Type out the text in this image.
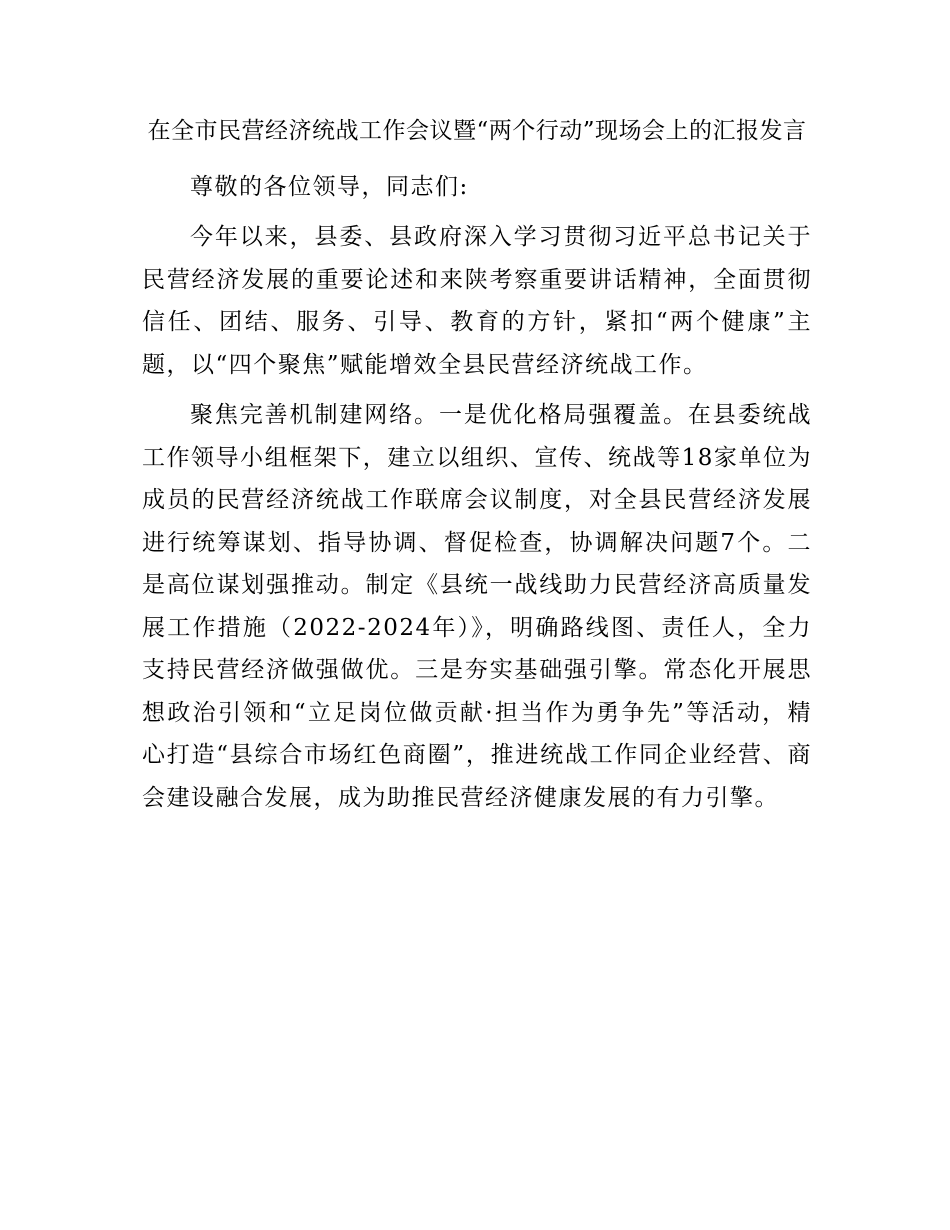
在全市民营经济统战工作会议暨“两个行动”现场会上的汇报发言

尊敬的各位领导，同志们:

今年以来，县委、县政府深入学习贯彻习近平总书记关于民营经济发展的重要论述和来陕考察重要讲话精神，全面贯彻信任、团结、服务、引导、教育的方针，紧扣“两个健康”主题，以“四个聚焦”赋能增效全县民营经济统战工作。

聚焦完善机制建网络。一是优化格局强覆盖。在县委统战工作领导小组框架下，建立以组织、宣传、统战等18家单位为成员的民营经济统战工作联席会议制度，对全县民营经济发展进行统筹谋划、指导协调、督促检查，协调解决问题7个。二是高位谋划强推动。制定《县统一战线助力民营经济高质量发展工作措施（2022-2024年）》，明确路线图、责任人，全力支持民营经济做强做优。三是夯实基础强引擎。常态化开展思想政治引领和“立足岗位做贡献·担当作为勇争先”等活动，精心打造“县综合市场红色商圈”，推进统战工作同企业经营、商会建设融合发展，成为助推民营经济健康发展的有力引擎。
